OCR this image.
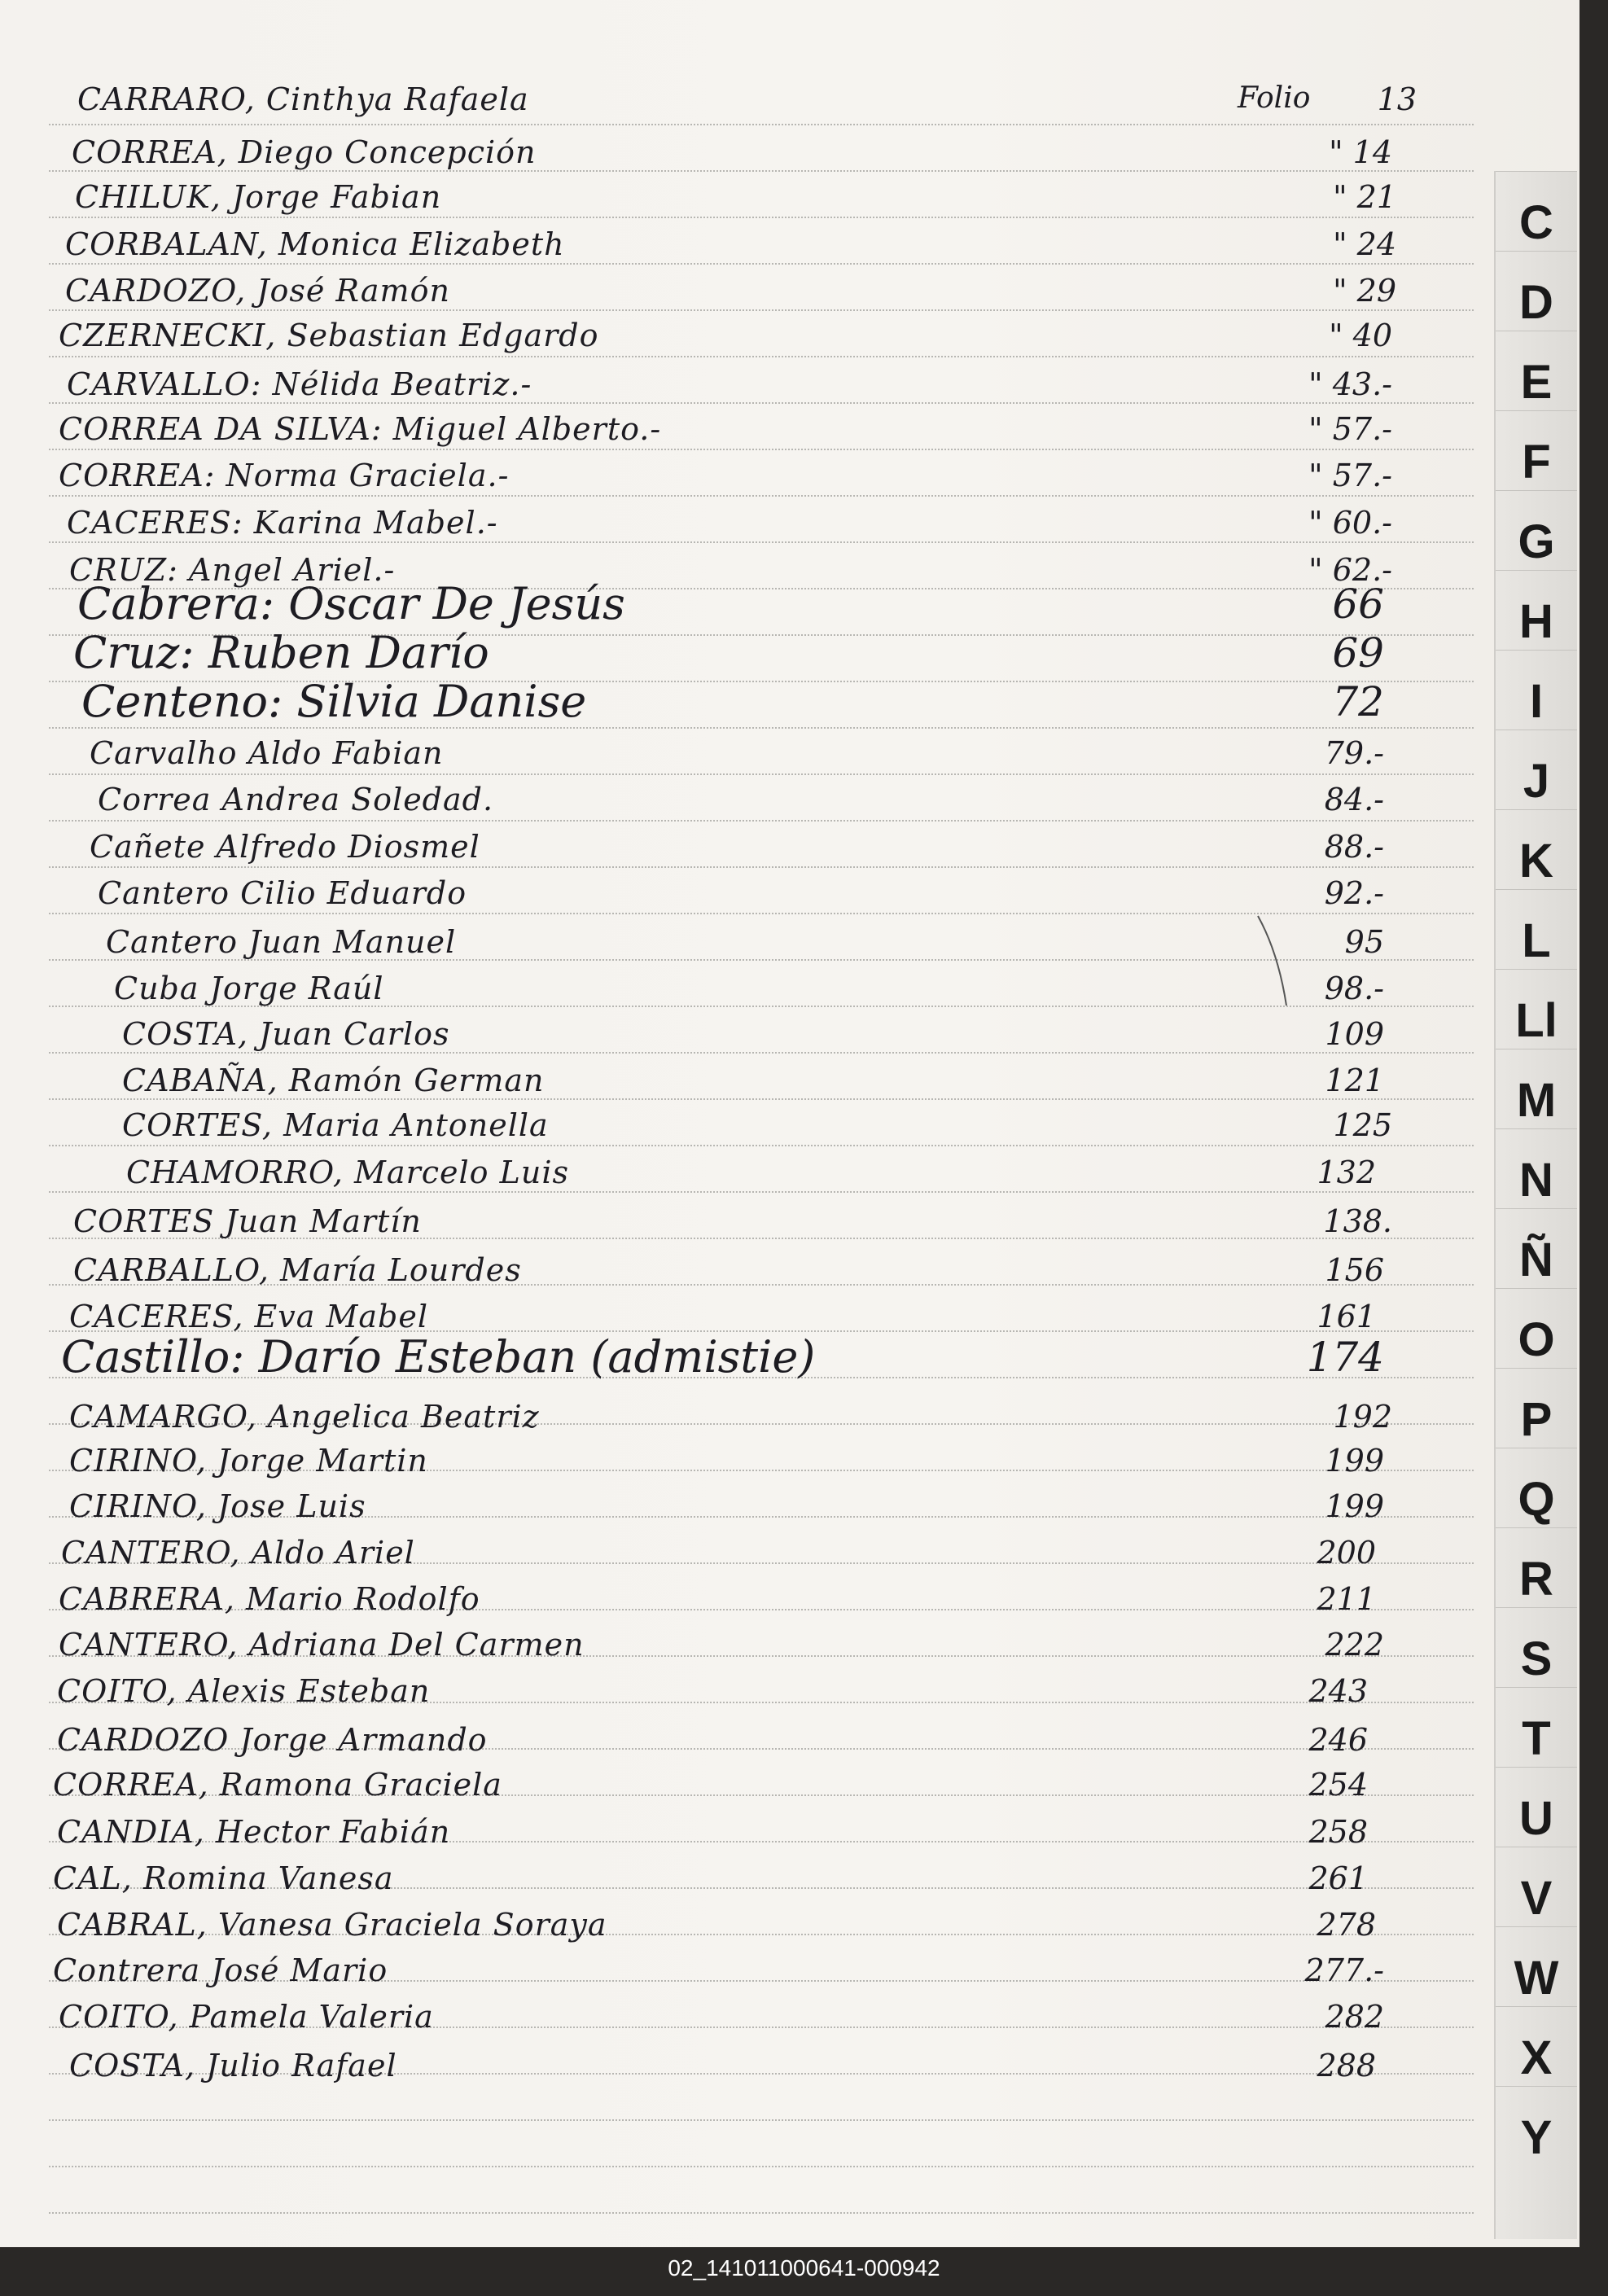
Folio
CARRARO, Cinthya Rafaela	13
CORREA, Diego Concepción	" 14
CHILUK, Jorge Fabian	" 21
CORBALAN, Monica Elizabeth	" 24
CARDOZO, José Ramón	" 29
CZERNECKI, Sebastian Edgardo	" 40
CARVALLO: Nélida Beatriz.-	" 43.-
CORREA DA SILVA: Miguel Alberto.-	" 57.-
CORREA: Norma Graciela.-	" 57.-
CACERES: Karina Mabel.-	" 60.-
CRUZ: Angel Ariel.-	" 62.-
Cabrera: Oscar De Jesús	66
Cruz: Ruben Darío	69
Centeno: Silvia Danise	72
Carvalho Aldo Fabian	79.-
Correa Andrea Soledad.	84.-
Cañete Alfredo Diosmel	88.-
Cantero Cilio Eduardo	92.-
Cantero Juan Manuel	95
Cuba Jorge Raúl	98.-
COSTA, Juan Carlos	109
CABAÑA, Ramón German	121
CORTES, Maria Antonella	125
CHAMORRO, Marcelo Luis	132
CORTES Juan Martín	138.
CARBALLO, María Lourdes	156
CACERES, Eva Mabel	161
Castillo: Darío Esteban (admistie)	174
CAMARGO, Angelica Beatriz	192
CIRINO, Jorge Martin	199
CIRINO, Jose Luis	199
CANTERO, Aldo Ariel	200
CABRERA, Mario Rodolfo	211
CANTERO, Adriana Del Carmen	222
COITO, Alexis Esteban	243
CARDOZO Jorge Armando	246
CORREA, Ramona Graciela	254
CANDIA, Hector Fabián	258
CAL, Romina Vanesa	261
CABRAL, Vanesa Graciela Soraya	278
Contrera José Mario	277.-
COITO, Pamela Valeria	282
COSTA, Julio Rafael	288
C
D
E
F
G
H
I
J
K
L
Ll
M
N
Ñ
O
P
Q
R
S
T
U
V
W
X
Y
02_141011000641-000942
